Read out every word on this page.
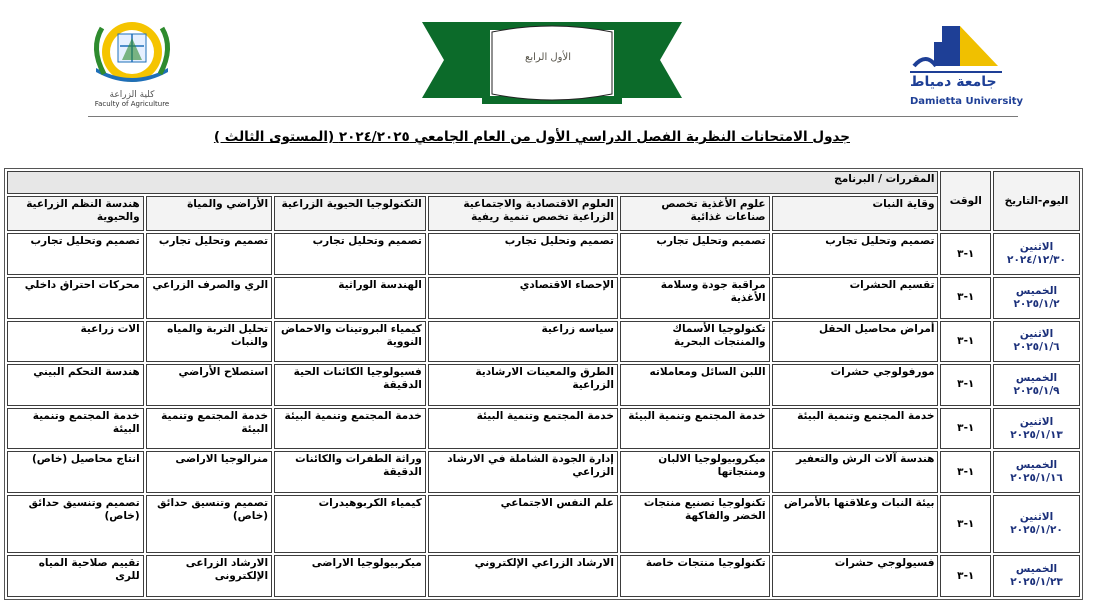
كلية الزراعة
Faculty of Agriculture
الأول الرابع
جامعة دمياط
Damietta University
جدول الامتحانات النظرية الفصل الدراسي الأول من العام الجامعي ٢٠٢٤/٢٠٢٥ (المستوى الثالث )
اليوم-التاريخ	الوقت	المقررات / البرنامج					
		وقاية النبات	علوم الأغذية تخصص صناعات غذائية	العلوم الاقتصادية والاجتماعية الزراعية تخصص تنمية ريفية	التكنولوجيا الحيوية الزراعية	الأراضي والمياة	هندسة النظم الزراعية والحيوية

الاثنين
٢٠٢٤/١٢/٣٠	١-٣	تصميم وتحليل تجارب	تصميم وتحليل تجارب	تصميم وتحليل تجارب	تصميم وتحليل تجارب	تصميم وتحليل تجارب	تصميم وتحليل تجارب

الخميس
٢٠٢٥/١/٢	١-٣	تقسيم الحشرات	مراقبة جودة وسلامة الأغذية	الإحصاء الاقتصادي	الهندسة الوراثية	الري والصرف الزراعي	محركات احتراق داخلي

الاثنين
٢٠٢٥/١/٦	١-٣	أمراض محاصيل الحقل	تكنولوجيا الأسماك والمنتجات البحرية	سياسه زراعية	كيمياء البروتينات والاحماض النووية	تحليل التربة والمياه والنبات	الات زراعية

الخميس
٢٠٢٥/١/٩	١-٣	مورفولوجي حشرات	اللبن السائل ومعاملاته	الطرق والمعينات الارشادية الزراعية	فسيولوجيا الكائنات الحية الدقيقة	استصلاح الأراضي	هندسة التحكم البيني

الاثنين
٢٠٢٥/١/١٣	١-٣	خدمة المجتمع وتنمية البيئة	خدمة المجتمع وتنمية البيئة	خدمة المجتمع وتنمية البيئة	خدمة المجتمع وتنمية البيئة	خدمة المجتمع وتنمية البيئة	خدمة المجتمع وتنمية البيئة

الخميس
٢٠٢٥/١/١٦	١-٣	هندسة آلات الرش والتعفير	ميكروبيولوجيا الالبان ومنتجاتها	إدارة الجودة الشاملة في الارشاد الزراعي	وراثة الطفرات والكائنات الدقيقة	منرالوجيا الاراضى	انتاج محاصيل (خاص)

الاثنين
٢٠٢٥/١/٢٠	١-٣	بيئة النبات وعلاقتها بالأمراض	تكنولوجيا تصنيع منتجات الخضر والفاكهة	علم النفس الاجتماعي	كيمياء الكربوهيدرات	تصميم وتنسيق حدائق (خاص)	تصميم وتنسيق حدائق (خاص)

الخميس
٢٠٢٥/١/٢٣	١-٣	فسيولوجي حشرات	تكنولوجيا منتجات خاصة	الارشاد الزراعي الإلكتروني	ميكربيولوجيا الاراضى	الارشاد الزراعى الإلكترونى	تقييم صلاحية المياه للرى
